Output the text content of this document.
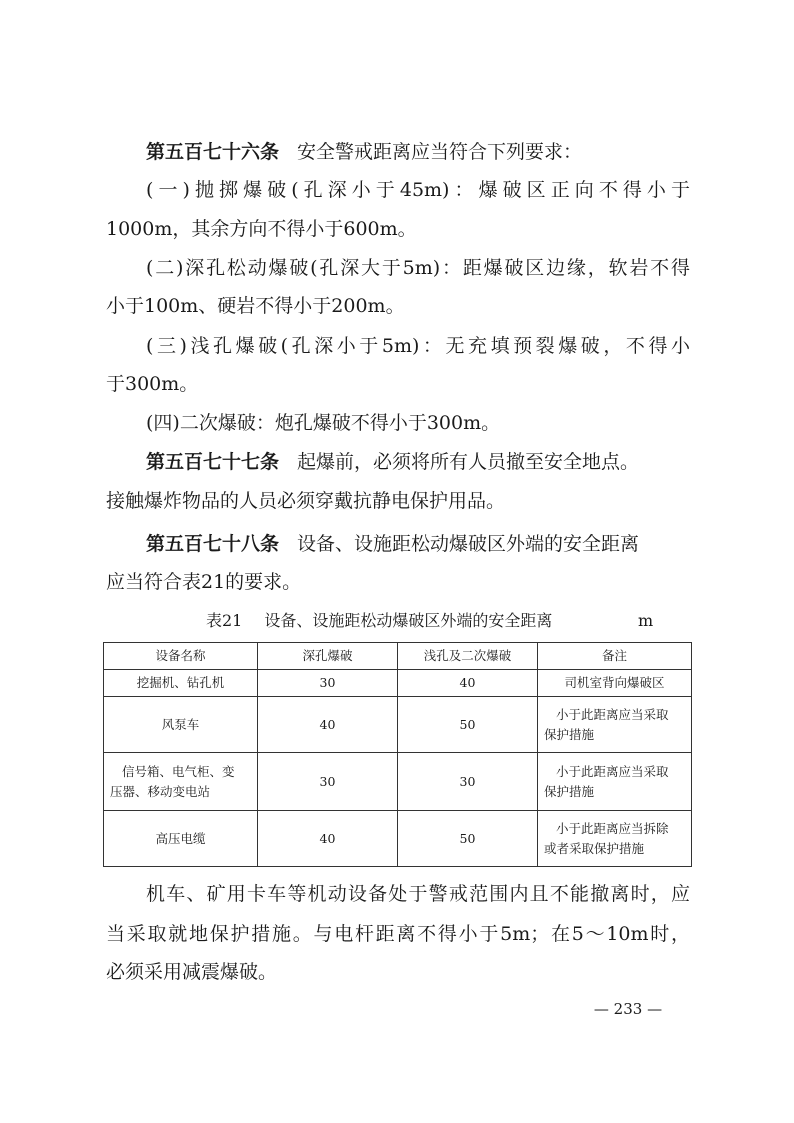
第五百七十六条 安全警戒距离应当符合下列要求：
(一)抛掷爆破(孔深小于45m)：爆破区正向不得小于
1000m，其余方向不得小于600m。
(二)深孔松动爆破(孔深大于5m)：距爆破区边缘，软岩不得
小于100m、硬岩不得小于200m。
(三)浅孔爆破(孔深小于5m)：无充填预裂爆破，不得小
于300m。
(四)二次爆破：炮孔爆破不得小于300m。
第五百七十七条 起爆前，必须将所有人员撤至安全地点。
接触爆炸物品的人员必须穿戴抗静电保护用品。
第五百七十八条 设备、设施距松动爆破区外端的安全距离
应当符合表21的要求。
表21 设备、设施距松动爆破区外端的安全距离	m
设备名称	深孔爆破	浅孔及二次爆破	备注
挖掘机、钻孔机	30	40	司机室背向爆破区
风泵车	40	50	小于此距离应当采取
保护措施
信号箱、电气柜、变
压器、移动变电站	30	30	小于此距离应当采取
保护措施
高压电缆	40	50	小于此距离应当拆除
或者采取保护措施
机车、矿用卡车等机动设备处于警戒范围内且不能撤离时，应
当采取就地保护措施。与电杆距离不得小于5m；在5～10m时，
必须采用减震爆破。
— 233 —
